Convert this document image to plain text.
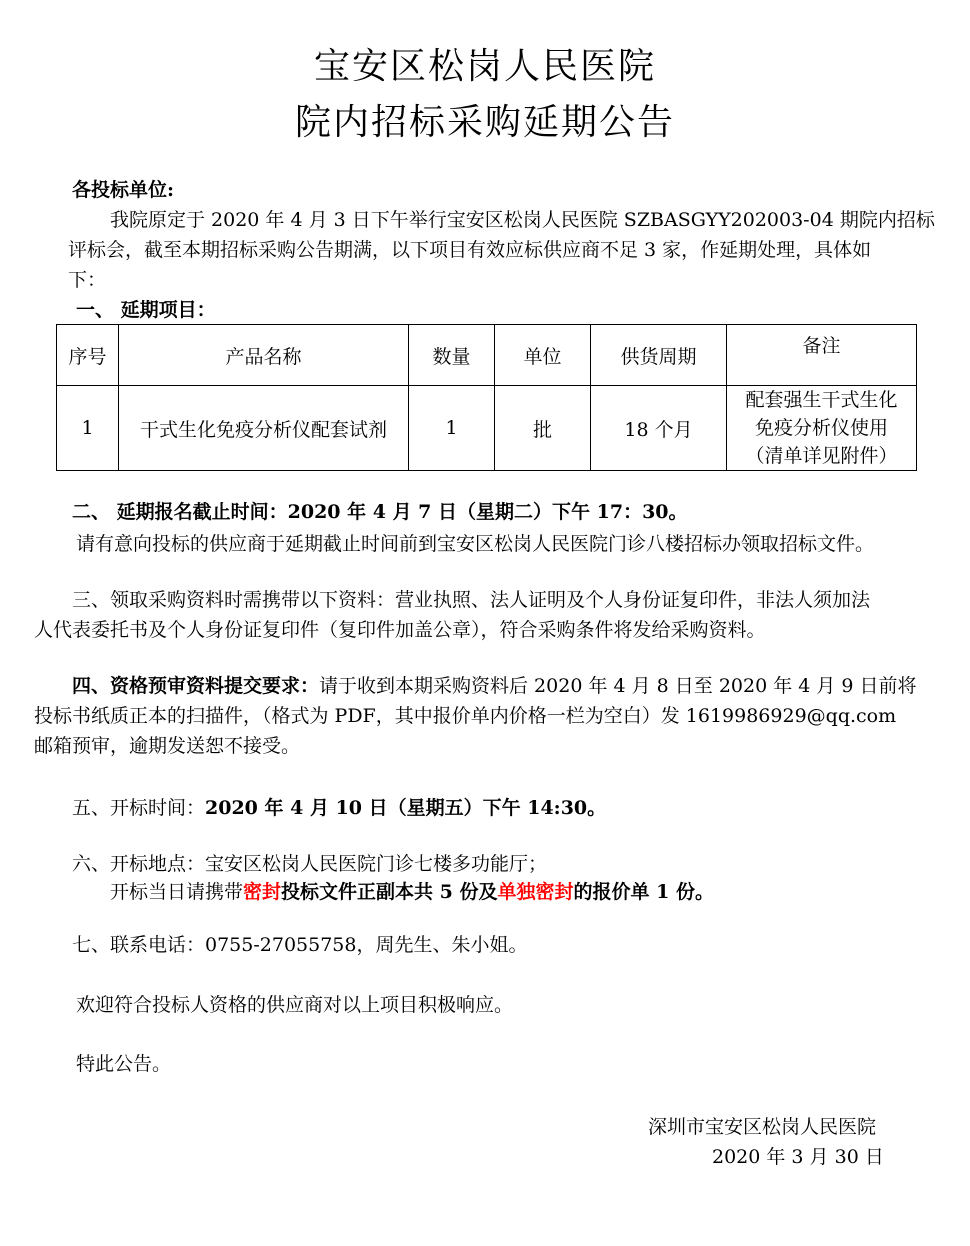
宝安区松岗人民医院
院内招标采购延期公告
各投标单位:
我院原定于 2020 年 4 月 3 日下午举行宝安区松岗人民医院 SZBASGYY202003-04 期院内招标
评标会，截至本期招标采购公告期满，以下项目有效应标供应商不足 3 家，作延期处理，具体如
下：
一、 延期项目：
序号	产品名称	数量	单位	供货周期	备注
1	干式生化免疫分析仪配套试剂	1	批	18 个月	配套强生干式生化
免疫分析仪使用
（清单详见附件）
二、 延期报名截止时间：2020 年 4 月 7 日（星期二）下午 17：30。
请有意向投标的供应商于延期截止时间前到宝安区松岗人民医院门诊八楼招标办领取招标文件。
三、领取采购资料时需携带以下资料：营业执照、法人证明及个人身份证复印件，非法人须加法
人代表委托书及个人身份证复印件（复印件加盖公章），符合采购条件将发给采购资料。
四、资格预审资料提交要求：请于收到本期采购资料后 2020 年 4 月 8 日至 2020 年 4 月 9 日前将
投标书纸质正本的扫描件，（格式为 PDF，其中报价单内价格一栏为空白）发 1619986929@qq.com
邮箱预审，逾期发送恕不接受。
五、开标时间：2020 年 4 月 10 日（星期五）下午 14:30。
六、开标地点：宝安区松岗人民医院门诊七楼多功能厅；
开标当日请携带密封投标文件正副本共 5 份及单独密封的报价单 1 份。
七、联系电话：0755-27055758，周先生、朱小姐。
欢迎符合投标人资格的供应商对以上项目积极响应。
特此公告。
深圳市宝安区松岗人民医院
2020 年 3 月 30 日
